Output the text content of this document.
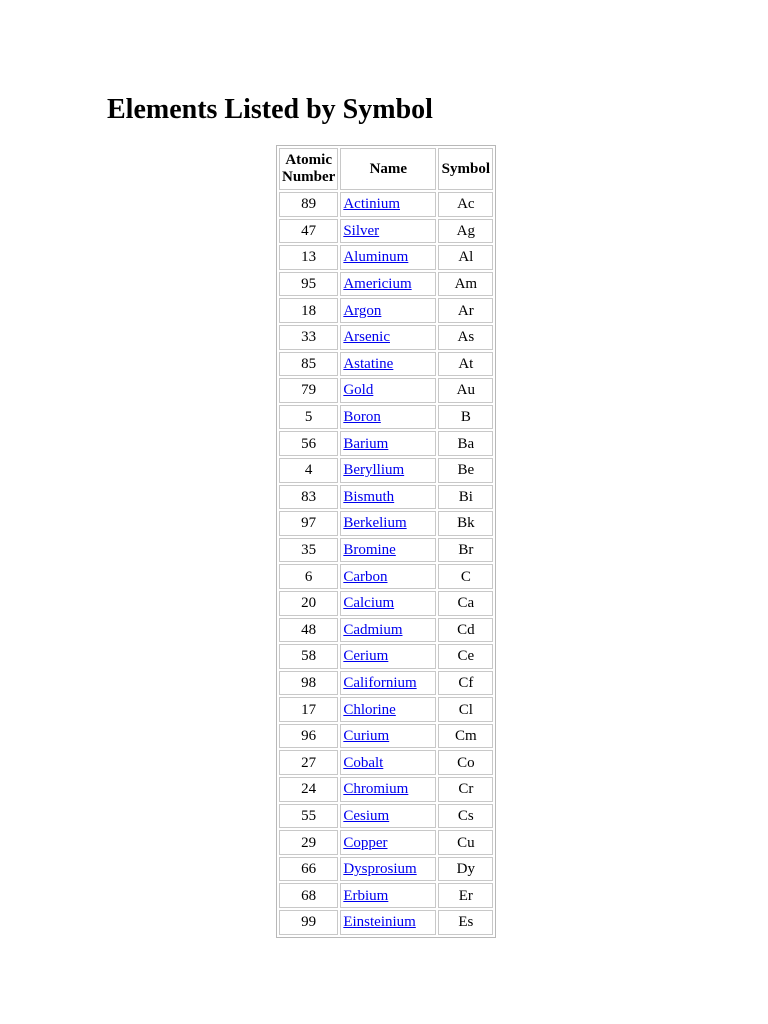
Elements Listed by Symbol
Atomic
Number	Name	Symbol
89	Actinium	Ac
47	Silver	Ag
13	Aluminum	Al
95	Americium	Am
18	Argon	Ar
33	Arsenic	As
85	Astatine	At
79	Gold	Au
5	Boron	B
56	Barium	Ba
4	Beryllium	Be
83	Bismuth	Bi
97	Berkelium	Bk
35	Bromine	Br
6	Carbon	C
20	Calcium	Ca
48	Cadmium	Cd
58	Cerium	Ce
98	Californium	Cf
17	Chlorine	Cl
96	Curium	Cm
27	Cobalt	Co
24	Chromium	Cr
55	Cesium	Cs
29	Copper	Cu
66	Dysprosium	Dy
68	Erbium	Er
99	Einsteinium	Es
